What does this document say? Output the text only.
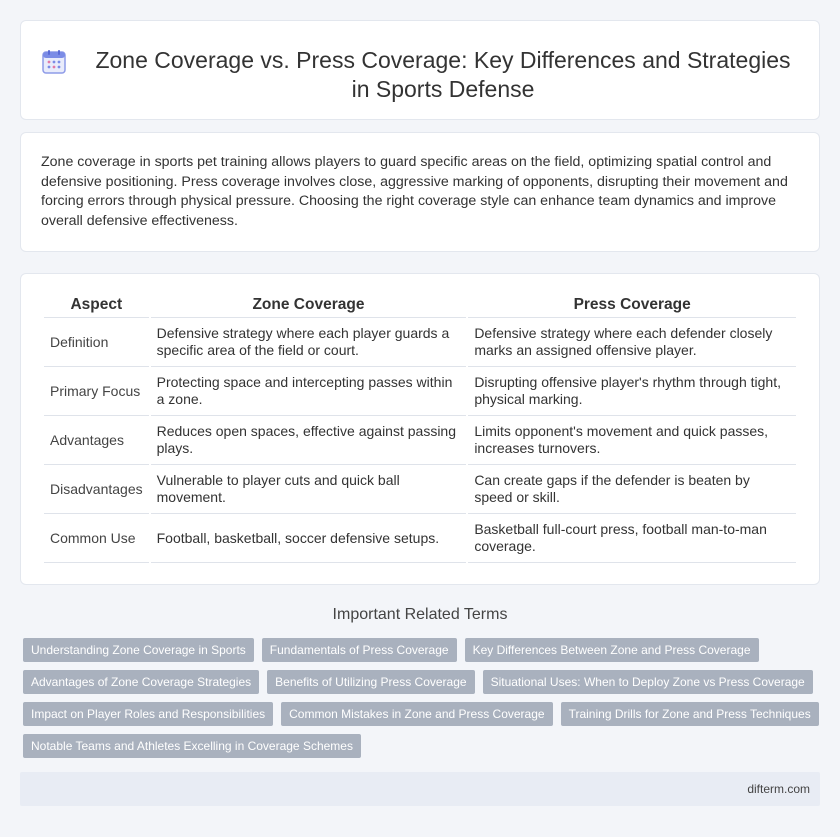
Zone Coverage vs. Press Coverage: Key Differences and Strategies in Sports Defense

Zone coverage in sports pet training allows players to guard specific areas on the field, optimizing spatial control and defensive positioning. Press coverage involves close, aggressive marking of opponents, disrupting their movement and forcing errors through physical pressure. Choosing the right coverage style can enhance team dynamics and improve overall defensive effectiveness.

Aspect	Zone Coverage	Press Coverage
Definition	Defensive strategy where each player guards a specific area of the field or court.	Defensive strategy where each defender closely marks an assigned offensive player.
Primary Focus	Protecting space and intercepting passes within a zone.	Disrupting offensive player's rhythm through tight, physical marking.
Advantages	Reduces open spaces, effective against passing plays.	Limits opponent's movement and quick passes, increases turnovers.
Disadvantages	Vulnerable to player cuts and quick ball movement.	Can create gaps if the defender is beaten by speed or skill.
Common Use	Football, basketball, soccer defensive setups.	Basketball full-court press, football man-to-man coverage.
Important Related Terms
Understanding Zone Coverage in Sports	Fundamentals of Press Coverage	Key Differences Between Zone and Press Coverage
Advantages of Zone Coverage Strategies	Benefits of Utilizing Press Coverage	Situational Uses: When to Deploy Zone vs Press Coverage
Impact on Player Roles and Responsibilities	Common Mistakes in Zone and Press Coverage	Training Drills for Zone and Press Techniques
Notable Teams and Athletes Excelling in Coverage Schemes
difterm.com
